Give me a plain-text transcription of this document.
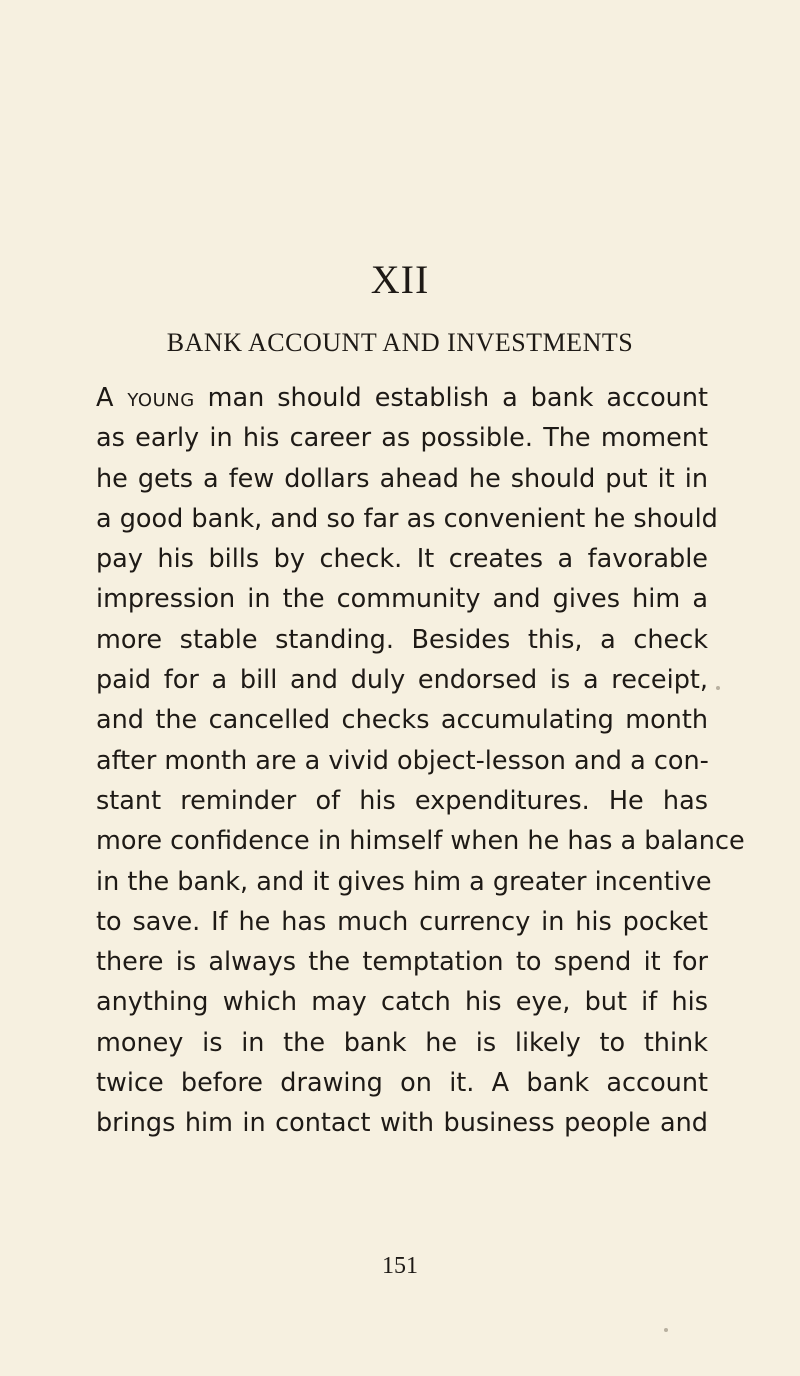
XII
BANK ACCOUNT AND INVESTMENTS
A young man should establish a bank account
as early in his career as possible. The moment
he gets a few dollars ahead he should put it in
a good bank, and so far as convenient he should
pay his bills by check. It creates a favorable
impression in the community and gives him a
more stable standing. Besides this, a check
paid for a bill and duly endorsed is a receipt,
and the cancelled checks accumulating month
after month are a vivid object-lesson and a con-
stant reminder of his expenditures. He has
more confidence in himself when he has a balance
in the bank, and it gives him a greater incentive
to save. If he has much currency in his pocket
there is always the temptation to spend it for
anything which may catch his eye, but if his
money is in the bank he is likely to think
twice before drawing on it. A bank account
brings him in contact with business people and
151
